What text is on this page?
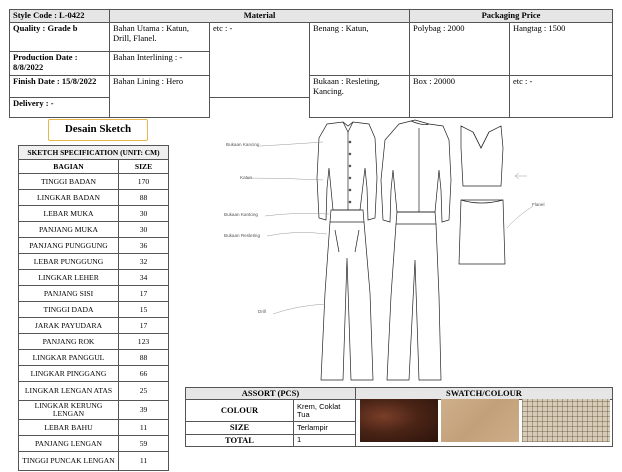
Style Code : L-0422	Material			Packaging Price	
Quality : Grade b	Bahan Utama : Katun, Drill, Flanel.	etc : -	Benang : Katun,	Polybag : 2000	Hangtag : 1500
Production Date : 8/8/2022	Bahan Interlining : -				
Finish Date : 15/8/2022	Bahan Lining : Hero		Bukaan : Resleting, Kancing.	Box : 20000	etc : -
Delivery : -					
Desain Sketch
SKETCH SPECIFICATION (UNIT: CM)	
BAGIAN	SIZE
TINGGI BADAN	170
LINGKAR BADAN	88
LEBAR MUKA	30
PANJANG MUKA	30
PANJANG PUNGGUNG	36
LEBAR PUNGGUNG	32
LINGKAR LEHER	34
PANJANG SISI	17
TINGGI DADA	15
JARAK PAYUDARA	17
PANJANG ROK	123
LINGKAR PANGGUL	88
LINGKAR PINGGANG	66
LINGKAR LENGAN ATAS	25
LINGKAR KERUNG LENGAN	39
LEBAR BAHU	11
PANJANG LENGAN	59
TINGGI PUNCAK LENGAN	11
Bukaan Kancing
Katun
Bukaan Kantong
Bukaan Resleting
Drill
Flanel
ASSORT (PCS)		SWATCH/COLOUR
COLOUR	Krem, Coklat Tua	
SIZE	Terlampir	
TOTAL	1	
